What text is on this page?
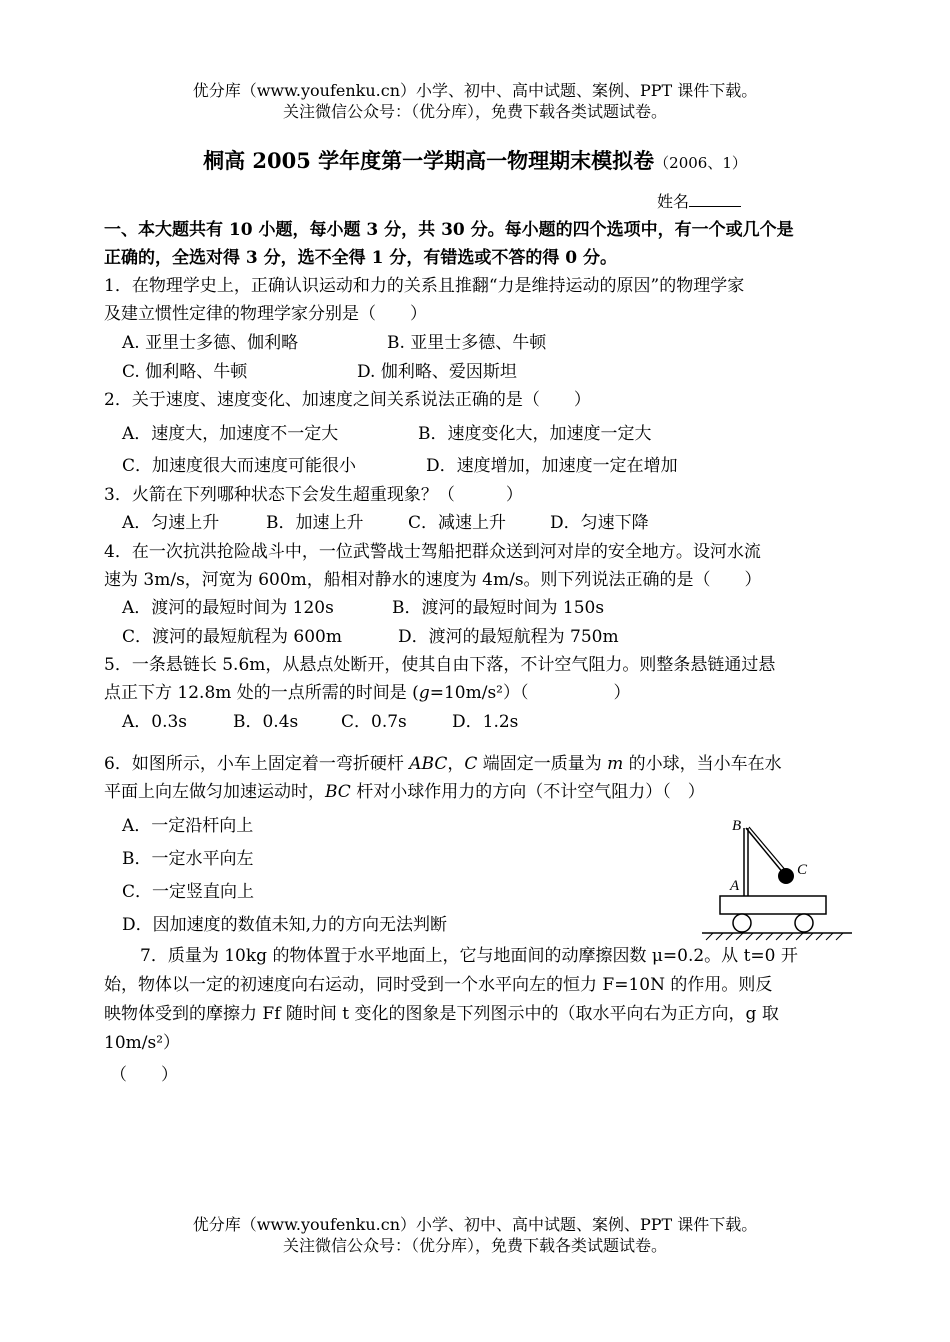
优分库（www.youfenku.cn）小学、初中、高中试题、案例、PPT 课件下载。
关注微信公众号：（优分库），免费下载各类试题试卷。
桐高 2005 学年度第一学期高一物理期末模拟卷（2006、1）
姓名
一、本大题共有 10 小题，每小题 3 分，共 30 分。每小题的四个选项中，有一个或几个是
正确的，全选对得 3 分，选不全得 1 分，有错选或不答的得 0 分。
1．在物理学史上，正确认识运动和力的关系且推翻“力是维持运动的原因”的物理学家
及建立惯性定律的物理学家分别是（　　）
A. 亚里士多德、伽利略	B. 亚里士多德、牛顿
C. 伽利略、牛顿	D. 伽利略、爱因斯坦
2．关于速度、速度变化、加速度之间关系说法正确的是（　　）
A．速度大，加速度不一定大	B．速度变化大，加速度一定大
C．加速度很大而速度可能很小	D．速度增加，加速度一定在增加
3．火箭在下列哪种状态下会发生超重现象？（　　　）
A．匀速上升	B．加速上升	C．减速上升	D．匀速下降
4．在一次抗洪抢险战斗中，一位武警战士驾船把群众送到河对岸的安全地方。设河水流
速为 3m/s，河宽为 600m，船相对静水的速度为 4m/s。则下列说法正确的是（　　）
A．渡河的最短时间为 120s	B．渡河的最短时间为 150s
C．渡河的最短航程为 600m	D．渡河的最短航程为 750m
5．一条悬链长 5.6m，从悬点处断开，使其自由下落，不计空气阻力。则整条悬链通过悬
点正下方 12.8m 处的一点所需的时间是 (g=10m/s²）（　　　　　）
A．0.3s	B．0.4s	C．0.7s	D．1.2s
6．如图所示，小车上固定着一弯折硬杆 ABC，C 端固定一质量为 m 的小球，当小车在水
平面上向左做匀加速运动时，BC 杆对小球作用力的方向（不计空气阻力）（　）
A．一定沿杆向上
B．一定水平向左
C．一定竖直向上
D．因加速度的数值未知,力的方向无法判断
B
A
C
7．质量为 10kg 的物体置于水平地面上，它与地面间的动摩擦因数 μ=0.2。从 t=0 开
始，物体以一定的初速度向右运动，同时受到一个水平向左的恒力 F=10N 的作用。则反
映物体受到的摩擦力 Ff 随时间 t 变化的图象是下列图示中的（取水平向右为正方向，g 取
10m/s²）
（　　）
优分库（www.youfenku.cn）小学、初中、高中试题、案例、PPT 课件下载。
关注微信公众号：（优分库），免费下载各类试题试卷。
